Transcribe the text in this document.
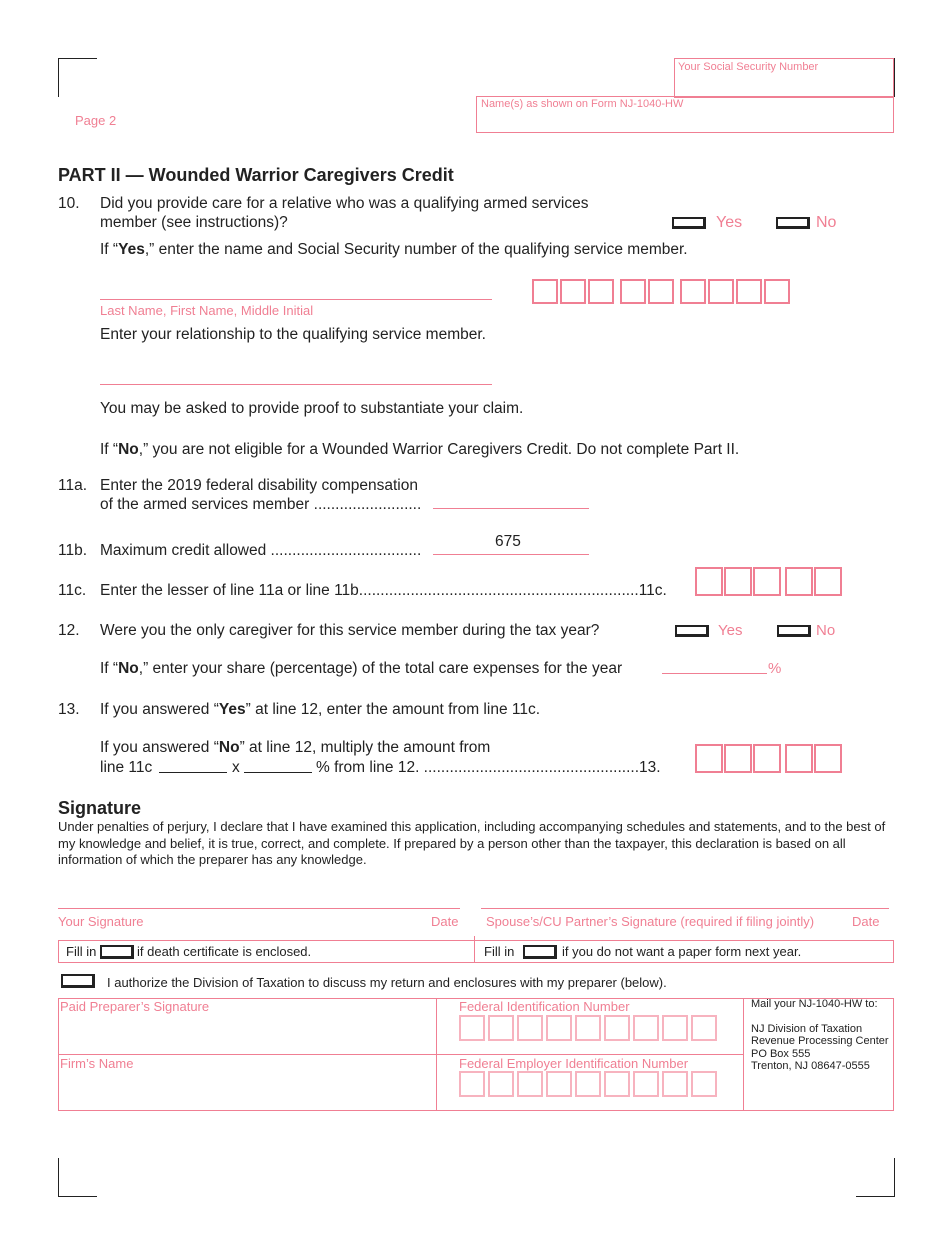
Page 2
Your Social Security Number
Name(s) as shown on Form NJ-1040-HW
PART II — Wounded Warrior Caregivers Credit
10. Did you provide care for a relative who was a qualifying armed services
member (see instructions)?	Yes	No
If “Yes,” enter the name and Social Security number of the qualifying service member.
Last Name, First Name, Middle Initial
Enter your relationship to the qualifying service member.
You may be asked to provide proof to substantiate your claim.
If “No,” you are not eligible for a Wounded Warrior Caregivers Credit. Do not complete Part II.
11a. Enter the 2019 federal disability compensation
of the armed services member .........................
11b. Maximum credit allowed ...................................
675
11c. Enter the lesser of line 11a or line 11b.................................................................11c.
12. Were you the only caregiver for this service member during the tax year?	Yes	No
If “No,” enter your share (percentage) of the total care expenses for the year	%
13. If you answered “Yes” at line 12, enter the amount from line 11c.
If you answered “No” at line 12, multiply the amount from
line 11c	x	% from line 12. ..................................................13.
Signature
Under penalties of perjury, I declare that I have examined this application, including accompanying schedules and statements, and to the best of my knowledge and belief, it is true, correct, and complete. If prepared by a person other than the taxpayer, this declaration is based on all information of which the preparer has any knowledge.
Your Signature	Date Spouse’s/CU Partner’s Signature (required if filing jointly)	Date
Fill in	if death certificate is enclosed.	Fill in	if you do not want a paper form next year.
I authorize the Division of Taxation to discuss my return and enclosures with my preparer (below).
Paid Preparer’s Signature	Federal Identification Number
Firm’s Name	Federal Employer Identification Number
Mail your NJ-1040-HW to:
NJ Division of Taxation
Revenue Processing Center
PO Box 555
Trenton, NJ 08647-0555
